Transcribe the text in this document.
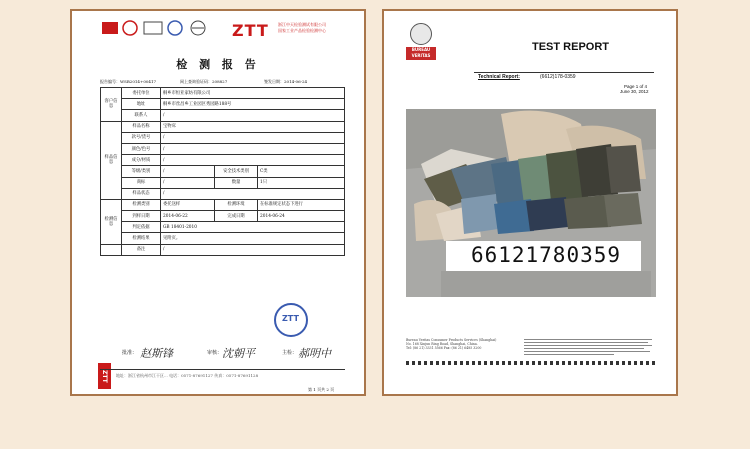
ZTT 浙江中天检验测试有限公司
国家工业产品检验检测中心
检 测 报 告
报告编号：WSB2014+00417	网上查询验证码：208827	签发日期：2014-06-24
客户信息	委托单位	桐乡市恒亚家纺有限公司		
	地址	桐乡市丝昌乡工业园区秀园路188号		
	联系人	/		
样品信息	样品名称	宝物床		
	款号/货号	/		
	颜色/色号	/		
	成分/材质	/		
	等级/类别	/	安全技术类别	C类
	商标	/	数量	1只
	样品状态	/		
检测信息	检测类别	委托送样	检测环境	在标准规定状态下进行
	到样日期	2014-06-22	完成日期	2014-06-24
	判定依据	GB 18401-2010		
	检测结果	见附页。		
	备注	/		
ZTT
ZTT
批准： 赵斯锋	审核： 沈朝平	主检： 郝明中
地址：浙江省杭州市江干区... 电话：0571-87691127 传真：0571-87691128
第 1 页共 2 页
BUREAU
VERITAS
TEST REPORT
Technical Report:	(6612)178-0359
Page 1 of 4
June 30, 2012
66121780359
Bureau Veritas Consumer Products Services (Shanghai)
No. 168 Xinjun Ring Road, Shanghai, China.
Tel: (86 21) 3331 5566 Fax: (86 21) 6485 3200
